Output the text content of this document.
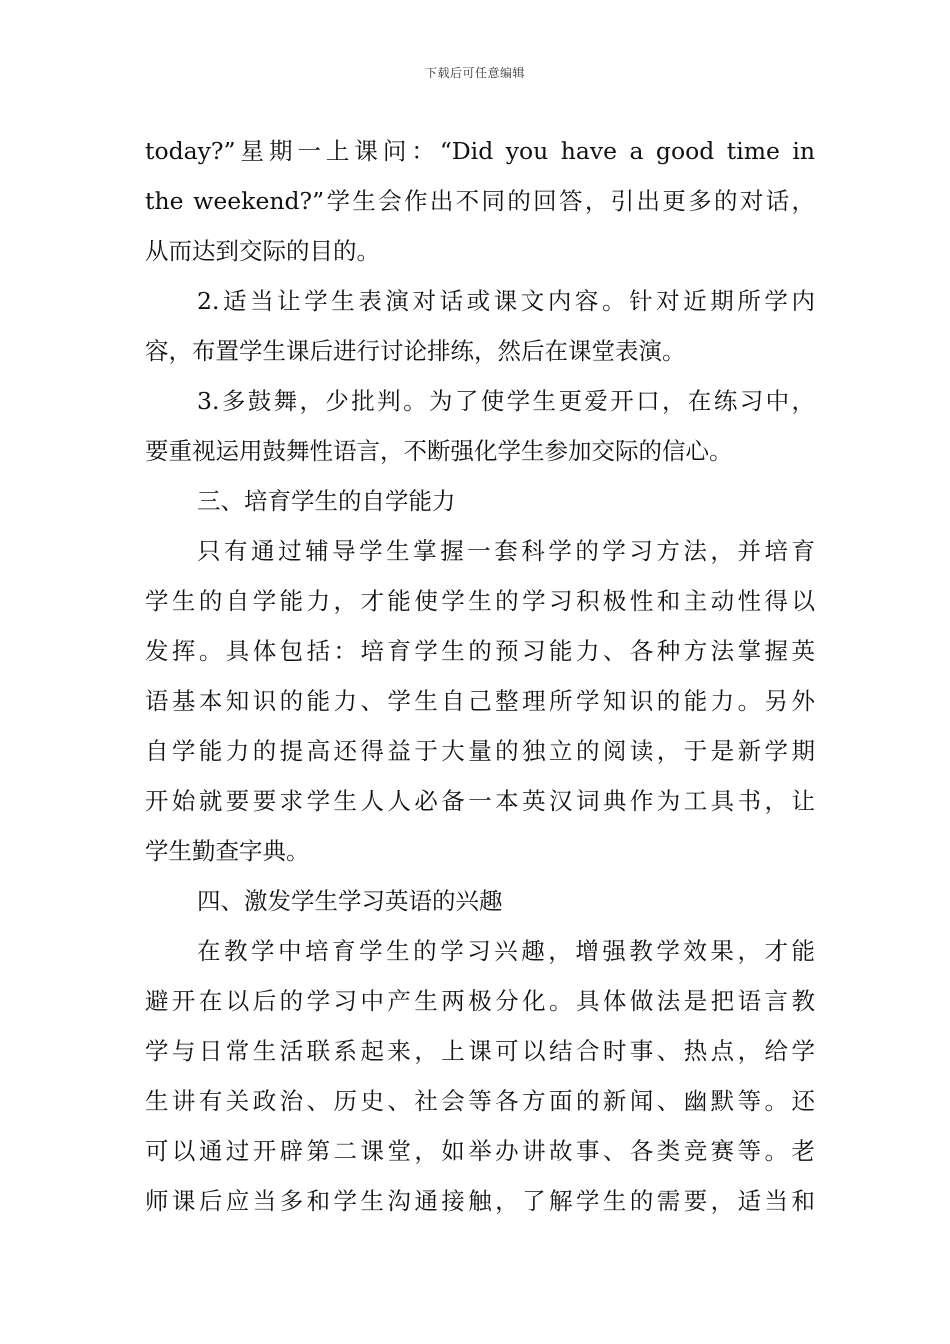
下载后可任意编辑
today?”星期一上课问：“Did you have a good time in
the weekend?”学生会作出不同的回答，引出更多的对话，
从而达到交际的目的。
2.适当让学生表演对话或课文内容。针对近期所学内
容，布置学生课后进行讨论排练，然后在课堂表演。
3.多鼓舞，少批判。为了使学生更爱开口，在练习中，
要重视运用鼓舞性语言，不断强化学生参加交际的信心。
三、培育学生的自学能力
只有通过辅导学生掌握一套科学的学习方法，并培育
学生的自学能力，才能使学生的学习积极性和主动性得以
发挥。具体包括：培育学生的预习能力、各种方法掌握英
语基本知识的能力、学生自己整理所学知识的能力。另外
自学能力的提高还得益于大量的独立的阅读，于是新学期
开始就要要求学生人人必备一本英汉词典作为工具书，让
学生勤查字典。
四、激发学生学习英语的兴趣
在教学中培育学生的学习兴趣，增强教学效果，才能
避开在以后的学习中产生两极分化。具体做法是把语言教
学与日常生活联系起来，上课可以结合时事、热点，给学
生讲有关政治、历史、社会等各方面的新闻、幽默等。还
可以通过开辟第二课堂，如举办讲故事、各类竞赛等。老
师课后应当多和学生沟通接触，了解学生的需要，适当和
